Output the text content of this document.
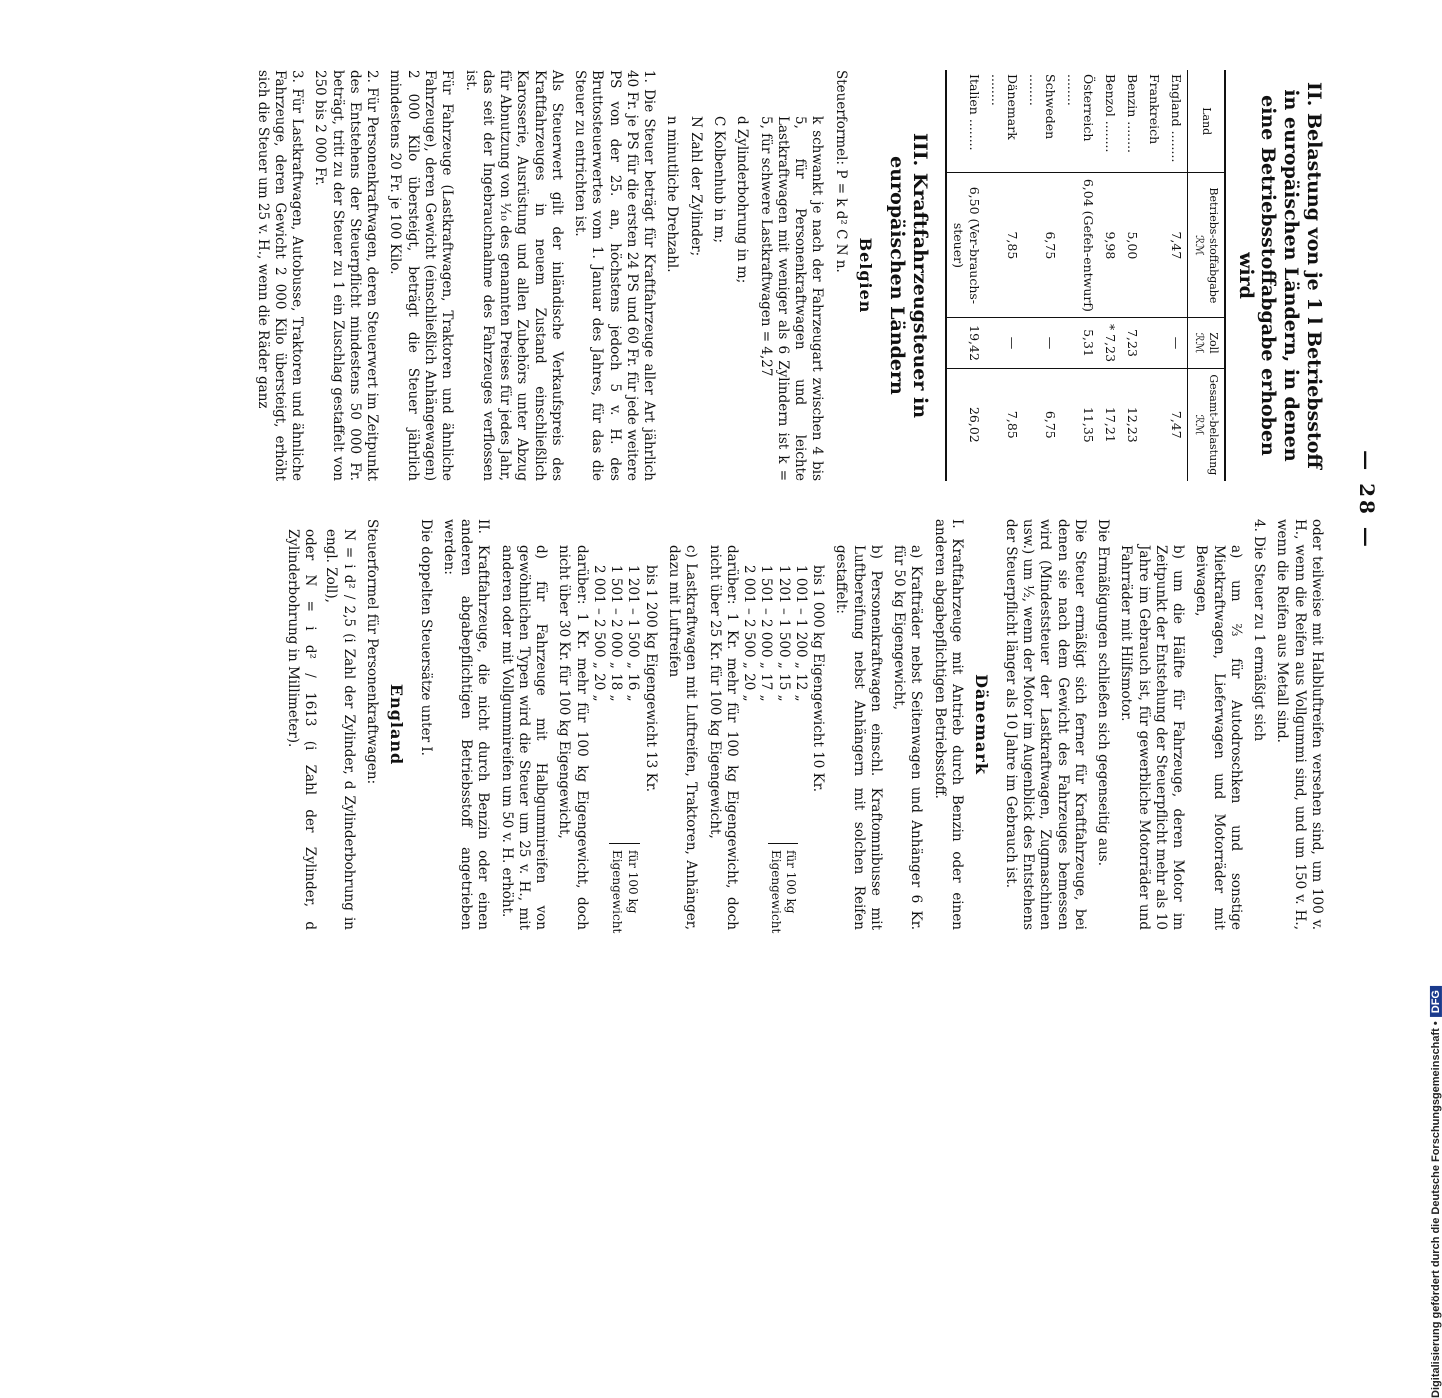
— 28 —
II. Belastung von je 1 l Betriebsstoff in europäischen Ländern, in denen eine Betriebsstoffabgabe erhoben wird
Land	Betriebs-stoffabgabe ℛℳ	Zoll ℛℳ	Gesamt-belastung ℛℳ
England ........	7,47	—	7,47
Frankreich			
Benzin ........	5,00	7,23	12,23
Benzol ........	9,98	* 7,23	17,21
Österreich ........	6,04 (Gefeh-entwurf)	5,31	11,35
Schweden ........	6,75	—	6,75
Dänemark ........	7,85	—	7,85
Italien ........	6,50 (Ver-brauchs-steuer)	19,42	26,02
III. Kraftfahrzeugsteuer in europäischen Ländern
Belgien

Steuerformel: P = k d² C N n.

k schwankt je nach der Fahrzeugart zwischen 4 bis 5, für Personenkraftwagen und leichte Lastkraftwagen mit weniger als 6 Zylindern ist k = 5, für schwere Lastkraftwagen = 4,27

d Zylinderbohrung in m;

C Kolbenhub in m;

N Zahl der Zylinder;

n minutliche Drehzahl.

1. Die Steuer beträgt für Kraftfahrzeuge aller Art jährlich 40 Fr. je PS für die ersten 24 PS und 60 Fr. für jede weitere PS von der 25. an, höchstens jedoch 5 v. H. des Bruttosteuerwertes vom 1. Januar des Jahres, für das die Steuer zu entrichten ist.

Als Steuerwert gilt der inländische Verkaufspreis des Kraftfahrzeuges in neuem Zustand einschließlich Karosserie, Ausrüstung und allen Zubehörs unter Abzug für Abnutzung von ¹⁄₁₀ des genannten Preises für jedes Jahr, das seit der Ingebrauchnahme des Fahrzeuges verflossen ist.

Für Fahrzeuge (Lastkraftwagen, Traktoren und ähnliche Fahrzeuge), deren Gewicht (einschließlich Anhängewagen) 2 000 Kilo übersteigt, beträgt die Steuer jährlich mindestens 20 Fr. je 100 Kilo.

2. Für Personenkraftwagen, deren Steuerwert im Zeitpunkt des Entstehens der Steuerpflicht mindestens 50 000 Fr. beträgt, tritt zu der Steuer zu 1 ein Zuschlag gestaffelt von 250 bis 2 000 Fr.

3. Für Lastkraftwagen, Autobusse, Traktoren und ähnliche Fahrzeuge, deren Gewicht 2 000 Kilo übersteigt, erhöht sich die Steuer um 25 v. H., wenn die Räder ganz

oder teilweise mit Halbluftreifen versehen sind, um 100 v. H., wenn die Reifen aus Vollgummi sind, und um 150 v. H., wenn die Reifen aus Metall sind.

4. Die Steuer zu 1 ermäßigt sich

a) um ²⁄₃ für Autodroschken und sonstige Mietkraftwagen, Lieferwagen und Motorräder mit Beiwagen,

b) um die Hälfte für Fahrzeuge, deren Motor im Zeitpunkt der Entstehung der Steuerpflicht mehr als 10 Jahre im Gebrauch ist, für gewerbliche Motorräder und Fahrräder mit Hilfsmotor.

Die Ermäßigungen schließen sich gegenseitig aus.

Die Steuer ermäßigt sich ferner für Kraftfahrzeuge, bei denen sie nach dem Gewicht des Fahrzeuges bemessen wird (Mindeststeuer der Lastkraftwagen, Zugmaschinen usw.) um ¹⁄₂, wenn der Motor im Augenblick des Entstehens der Steuerpflicht länger als 10 Jahre im Gebrauch ist.

Dänemark

I. Kraftfahrzeuge mit Antrieb durch Benzin oder einen anderen abgabepflichtigen Betriebsstoff.

a) Krafträder nebst Seitenwagen und Anhänger 6 Kr. für 50 kg Eigengewicht,

b) Personenkraftwagen einschl. Kraftomnibusse mit Luftbereifung nebst Anhängern mit solchen Reifen gestaffelt:

bis 1 000 kg Eigengewicht 10 Kr.
1 001 – 1 200 „ 12 „
1 201 – 1 500 „ 15 „
1 501 – 2 000 „ 17 „
2 001 – 2 500 „ 20 „
für 100 kg Eigengewicht

darüber: 1 Kr. mehr für 100 kg Eigengewicht, doch nicht über 25 Kr. für 100 kg Eigengewicht,

c) Lastkraftwagen mit Luftreifen, Traktoren, Anhänger, dazu mit Luftreifen

bis 1 200 kg Eigengewicht 13 Kr.
1 201 – 1 500 „ 16 „
1 501 – 2 000 „ 18 „
2 001 – 2 500 „ 20 „
für 100 kg Eigengewicht

darüber: 1 Kr. mehr für 100 kg Eigengewicht, doch nicht über 30 Kr. für 100 kg Eigengewicht,

d) für Fahrzeuge mit Halbgummireifen von gewöhnlichen Typen wird die Steuer um 25 v. H., mit anderen oder mit Vollgummireifen um 50 v. H. erhöht.

II. Kraftfahrzeuge, die nicht durch Benzin oder einen anderen abgabepflichtigen Betriebsstoff angetrieben werden:

Die doppelten Steuersätze unter I.

England

Steuerformel für Personenkraftwagen:

N = i d² / 2,5 (i Zahl der Zylinder, d Zylinderbohrung in engl. Zoll),

oder N = i d² / 1613 (i Zahl der Zylinder, d Zylinderbohrung in Millimeter).

Digitalisierung gefördert durch die Deutsche Forschungsgemeinschaft •DFG
